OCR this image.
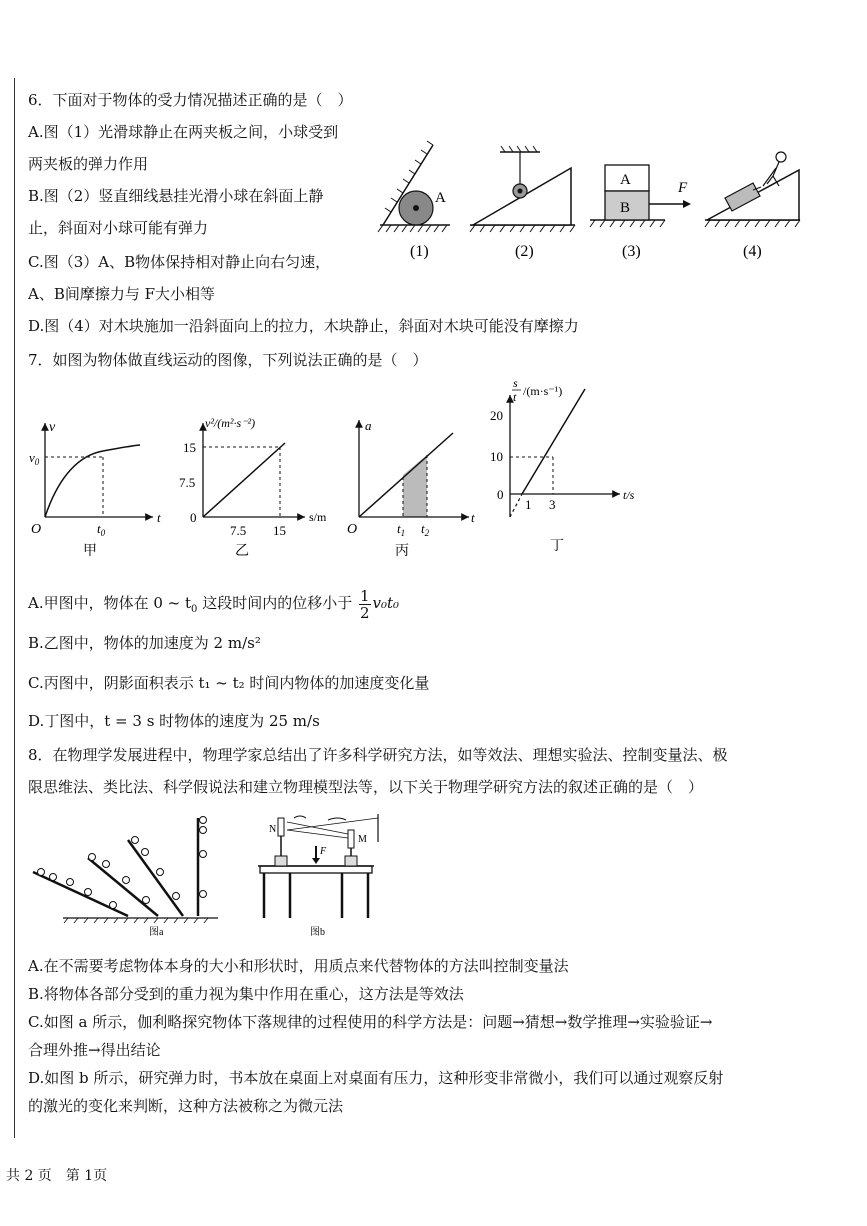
6．下面对于物体的受力情况描述正确的是（　）
A.图（1）光滑球静止在两夹板之间，小球受到
两夹板的弹力作用
B.图（2）竖直细线悬挂光滑小球在斜面上静
止，斜面对小球可能有弹力
C.图（3）A、B物体保持相对静止向右匀速，
A、B间摩擦力与 F大小相等
D.图（4）对木块施加一沿斜面向上的拉力，木块静止，斜面对木块可能没有摩擦力
A
(1)	(2)
A
B
F
(3)	(4)
7．如图为物体做直线运动的图像，下列说法正确的是（　）
v
$v_0$
O	$t_0$
t
甲
v²/(m²·s⁻²)
15
7.5
0
7.5 15
s/m
乙
a
O	$t_1$ $t_2$
t
丙
s
t /(m·s⁻¹)
20
10
0
1 3
t/s
丁
A.甲图中，物体在 0 ~ $t_0$ 这段时间内的位移小于 $\frac{1}{2} v_0t_0$
B.乙图中，物体的加速度为 2 m/s²
C.丙图中，阴影面积表示 t₁ ~ t₂ 时间内物体的加速度变化量
D.丁图中，t = 3 s 时物体的速度为 25 m/s
8．在物理学发展进程中，物理学家总结出了许多科学研究方法，如等效法、理想实验法、控制变量法、极
限思维法、类比法、科学假说法和建立物理模型法等，以下关于物理学研究方法的叙述正确的是（　）
图a
N
M
F
图b
A.在不需要考虑物体本身的大小和形状时，用质点来代替物体的方法叫控制变量法
B.将物体各部分受到的重力视为集中作用在重心，这方法是等效法
C.如图 a 所示，伽利略探究物体下落规律的过程使用的科学方法是：问题→猜想→数学推理→实验验证→
合理外推→得出结论
D.如图 b 所示，研究弹力时，书本放在桌面上对桌面有压力，这种形变非常微小，我们可以通过观察反射
的激光的变化来判断，这种方法被称之为微元法
共 2 页　第 1页
